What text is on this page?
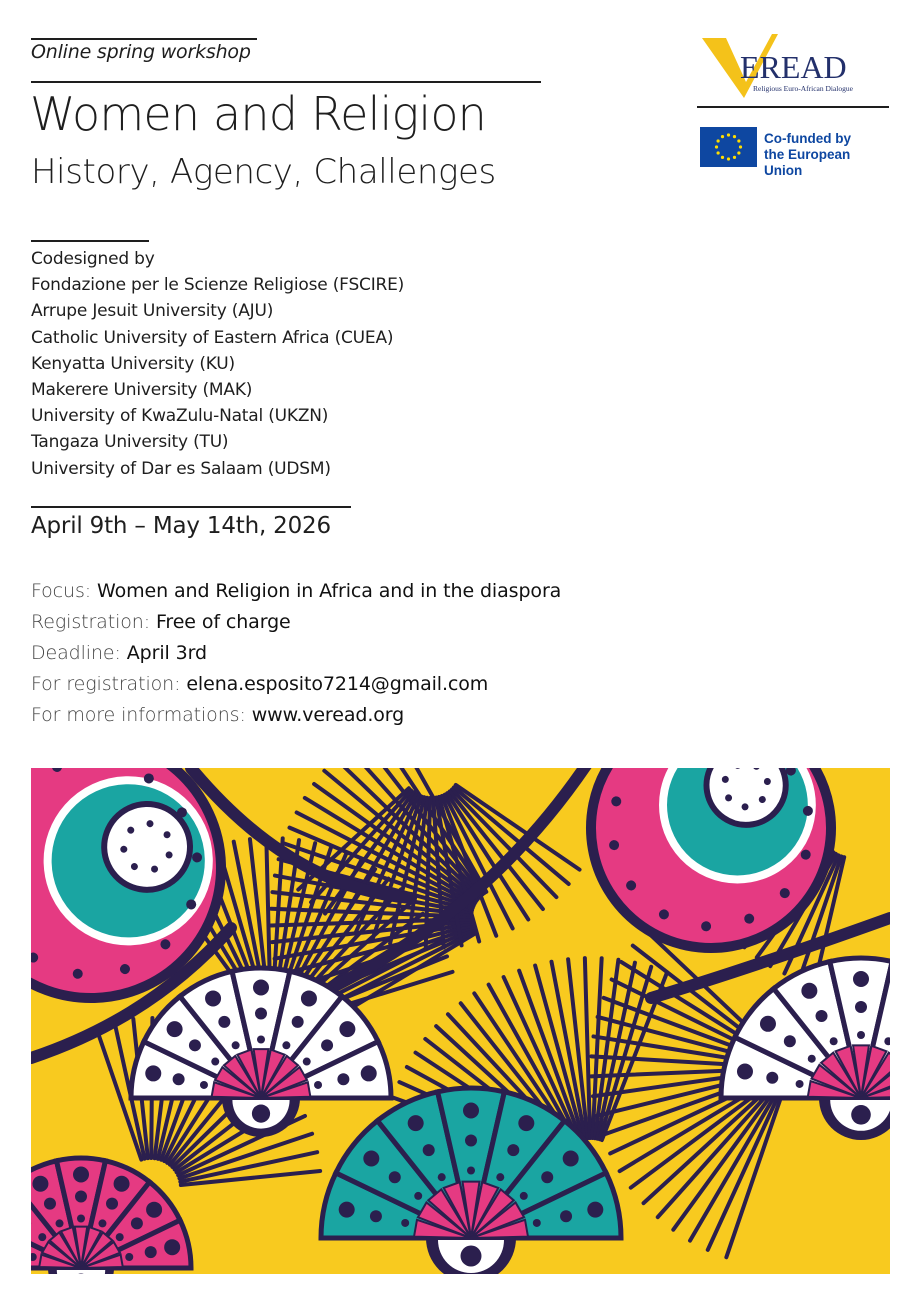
Online spring workshop
Women and Religion
History, Agency, Challenges
EREAD
Religious Euro-African Dialogue
Co-funded by
the European Union
Codesigned by
Fondazione per le Scienze Religiose (FSCIRE)
Arrupe Jesuit University (AJU)
Catholic University of Eastern Africa (CUEA)
Kenyatta University (KU)
Makerere University (MAK)
University of KwaZulu-Natal (UKZN)
Tangaza University (TU)
University of Dar es Salaam (UDSM)
April 9th – May 14th, 2026
Focus: Women and Religion in Africa and in the diaspora
Registration: Free of charge
Deadline: April 3rd
For registration: elena.esposito7214@gmail.com
For more informations: www.veread.org
